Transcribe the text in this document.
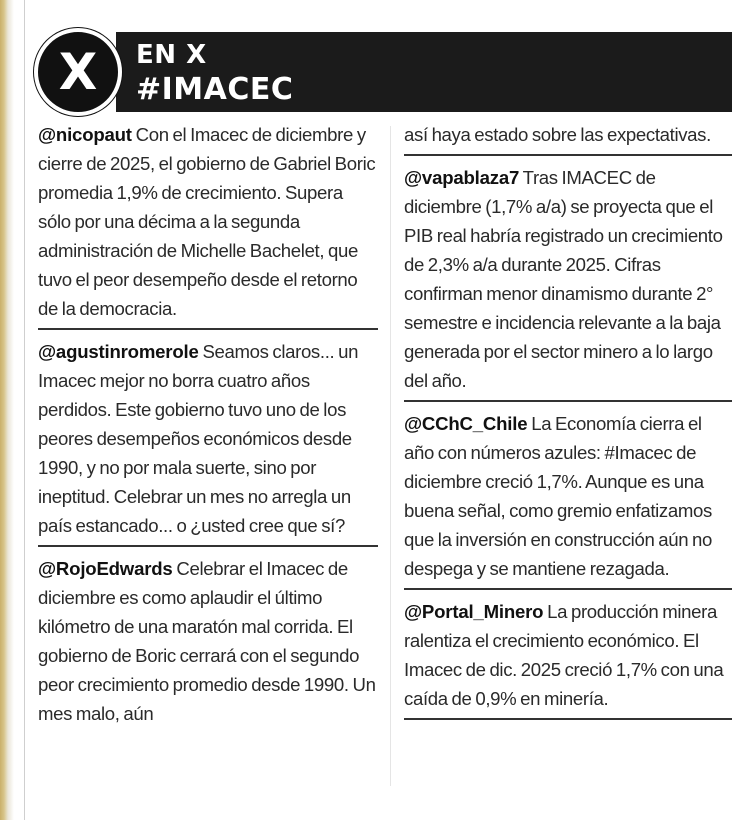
X	EN X
#IMACEC
@nicopaut Con el Imacec de diciembre y cierre de 2025, el gobierno de Gabriel Boric promedia 1,9% de crecimiento. Supera sólo por una décima a la segunda administración de Michelle Bachelet, que tuvo el peor desempeño desde el retorno de la democracia.
@agustinromerole Seamos claros... un Imacec mejor no borra cuatro años perdidos. Este gobierno tuvo uno de los peores desempeños económicos desde 1990, y no por mala suerte, sino por ineptitud. Celebrar un mes no arregla un país estancado... o ¿usted cree que sí?
@RojoEdwards Celebrar el Imacec de diciembre es como aplaudir el último kilómetro de una maratón mal corrida. El gobierno de Boric cerrará con el segundo peor crecimiento promedio desde 1990. Un mes malo, aún
así haya estado sobre las expectativas.
@vapablaza7 Tras IMACEC de diciembre (1,7% a/a) se proyecta que el PIB real habría registrado un crecimiento de 2,3% a/a durante 2025. Cifras confirman menor dinamismo durante 2° semestre e incidencia relevante a la baja generada por el sector minero a lo largo del año.
@CChC_Chile La Economía cierra el año con números azules: #Imacec de diciembre creció 1,7%. Aunque es una buena señal, como gremio enfatizamos que la inversión en construcción aún no despega y se mantiene rezagada.
@Portal_Minero La producción minera ralentiza el crecimiento económico. El Imacec de dic. 2025 creció 1,7% con una caída de 0,9% en minería.
